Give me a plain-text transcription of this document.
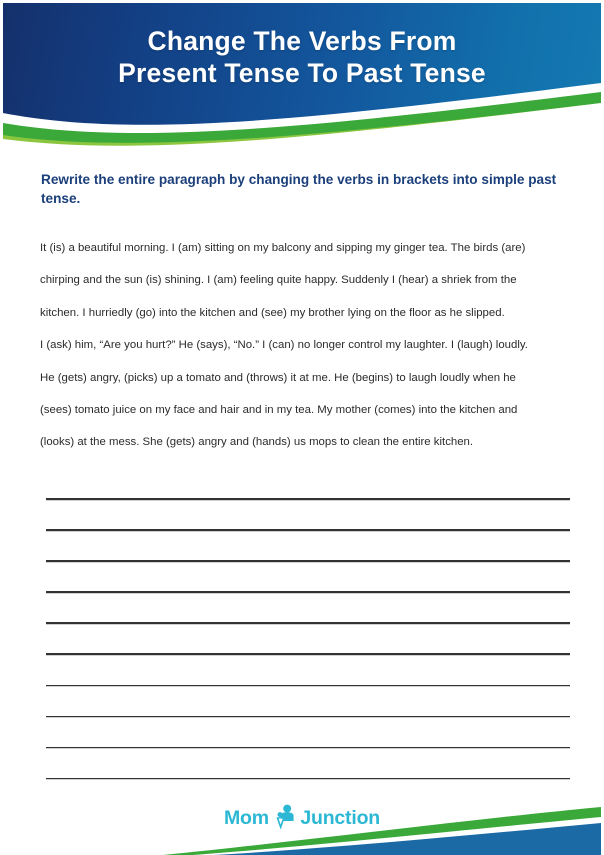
Change The Verbs From
Present Tense To Past Tense
Rewrite the entire paragraph by changing the verbs in brackets into simple past tense.
It (is) a beautiful morning. I (am) sitting on my balcony and sipping my ginger tea. The birds (are)
chirping and the sun (is) shining. I (am) feeling quite happy. Suddenly I (hear) a shriek from the
kitchen. I hurriedly (go) into the kitchen and (see) my brother lying on the floor as he slipped.
I (ask) him, “Are you hurt?” He (says), “No.” I (can) no longer control my laughter. I (laugh) loudly.
He (gets) angry, (picks) up a tomato and (throws) it at me. He (begins) to laugh loudly when he
(sees) tomato juice on my face and hair and in my tea. My mother (comes) into the kitchen and
(looks) at the mess. She (gets) angry and (hands) us mops to clean the entire kitchen.
Mom Junction
